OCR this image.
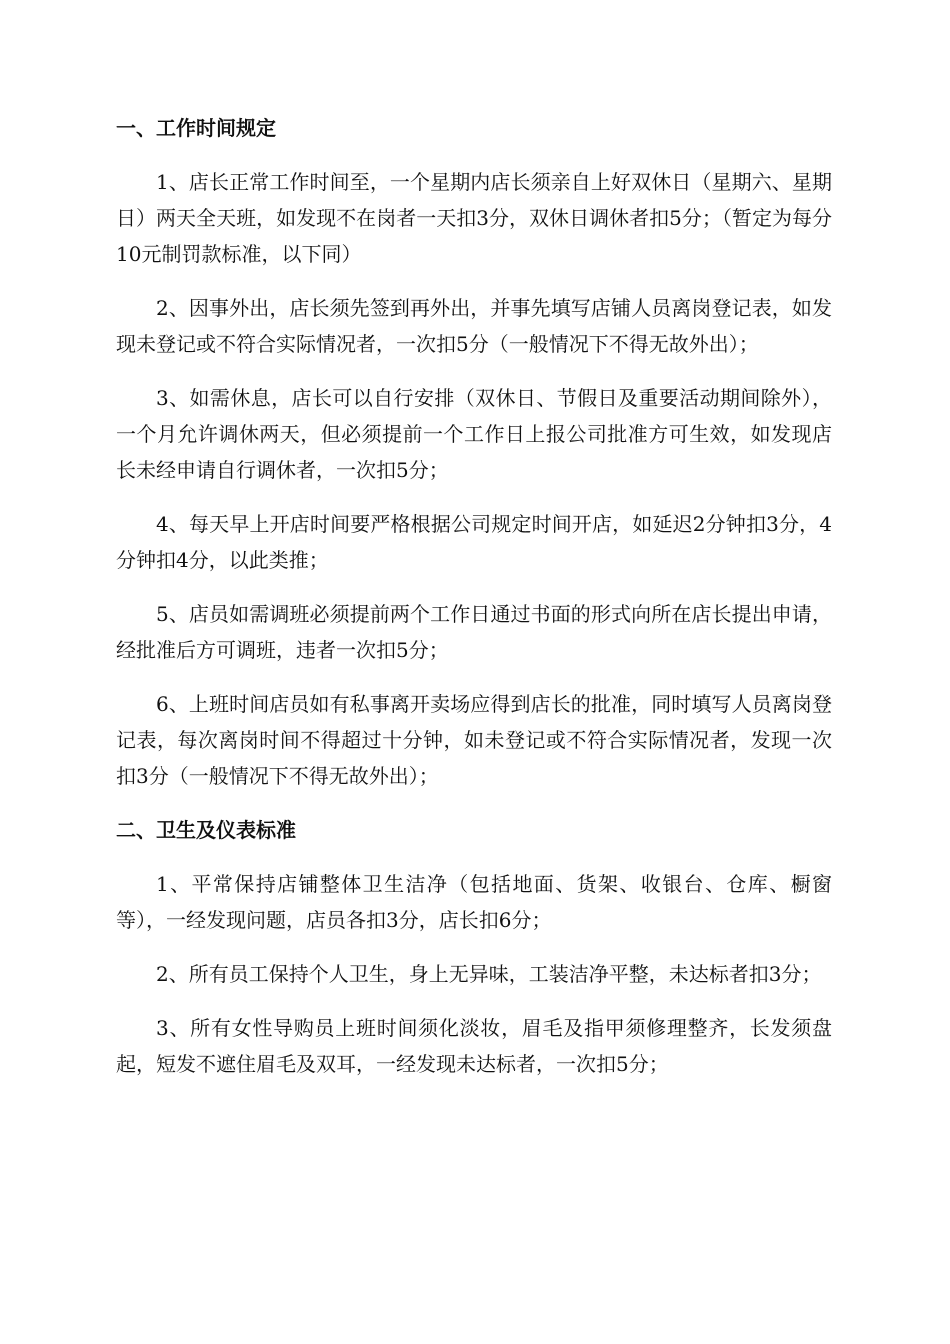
一、工作时间规定

1、店长正常工作时间至，一个星期内店长须亲自上好双休日（星期六、星期日）两天全天班，如发现不在岗者一天扣3分，双休日调休者扣5分；（暂定为每分10元制罚款标准，以下同）

2、因事外出，店长须先签到再外出，并事先填写店铺人员离岗登记表，如发现未登记或不符合实际情况者，一次扣5分（一般情况下不得无故外出）；

3、如需休息，店长可以自行安排（双休日、节假日及重要活动期间除外），一个月允许调休两天，但必须提前一个工作日上报公司批准方可生效，如发现店长未经申请自行调休者，一次扣5分；

4、每天早上开店时间要严格根据公司规定时间开店，如延迟2分钟扣3分，4分钟扣4分，以此类推；

5、店员如需调班必须提前两个工作日通过书面的形式向所在店长提出申请，经批准后方可调班，违者一次扣5分；

6、上班时间店员如有私事离开卖场应得到店长的批准，同时填写人员离岗登记表，每次离岗时间不得超过十分钟，如未登记或不符合实际情况者，发现一次扣3分（一般情况下不得无故外出）；

二、卫生及仪表标准

1、平常保持店铺整体卫生洁净（包括地面、货架、收银台、仓库、橱窗等），一经发现问题，店员各扣3分，店长扣6分；

2、所有员工保持个人卫生，身上无异味，工装洁净平整，未达标者扣3分；

3、所有女性导购员上班时间须化淡妆，眉毛及指甲须修理整齐，长发须盘起，短发不遮住眉毛及双耳，一经发现未达标者，一次扣5分；
